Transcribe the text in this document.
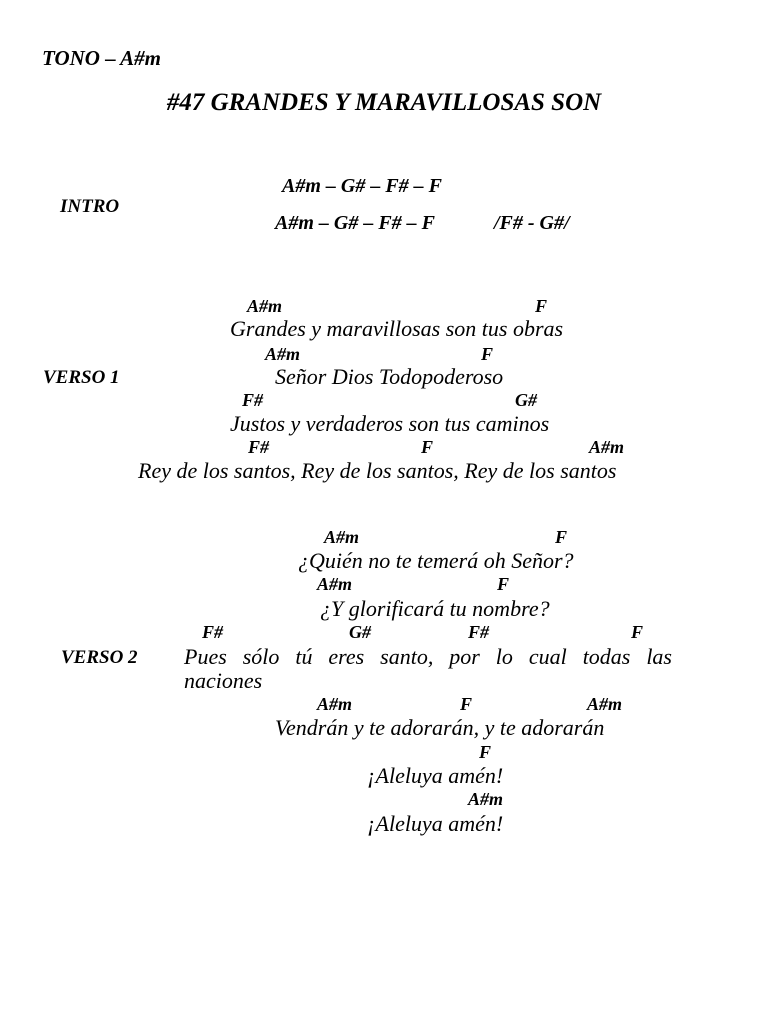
TONO – A#m
#47 GRANDES Y MARAVILLOSAS SON
INTRO
A#m – G# – F# – F
A#m – G# – F# – F	/F# - G#/
VERSO 1
A#m	F
Grandes y maravillosas son tus obras
A#m	F
Señor Dios Todopoderoso
F#	G#
Justos y verdaderos son tus caminos
F#	F	A#m
Rey de los santos, Rey de los santos, Rey de los santos
VERSO 2
A#m	F
¿Quién no te temerá oh Señor?
A#m	F
¿Y glorificará tu nombre?
F#	G#	F#	F
Pues sólo tú eres santo, por lo cual todas las
naciones
A#m	F	A#m
Vendrán y te adorarán, y te adorarán
F
¡Aleluya amén!
A#m
¡Aleluya amén!
